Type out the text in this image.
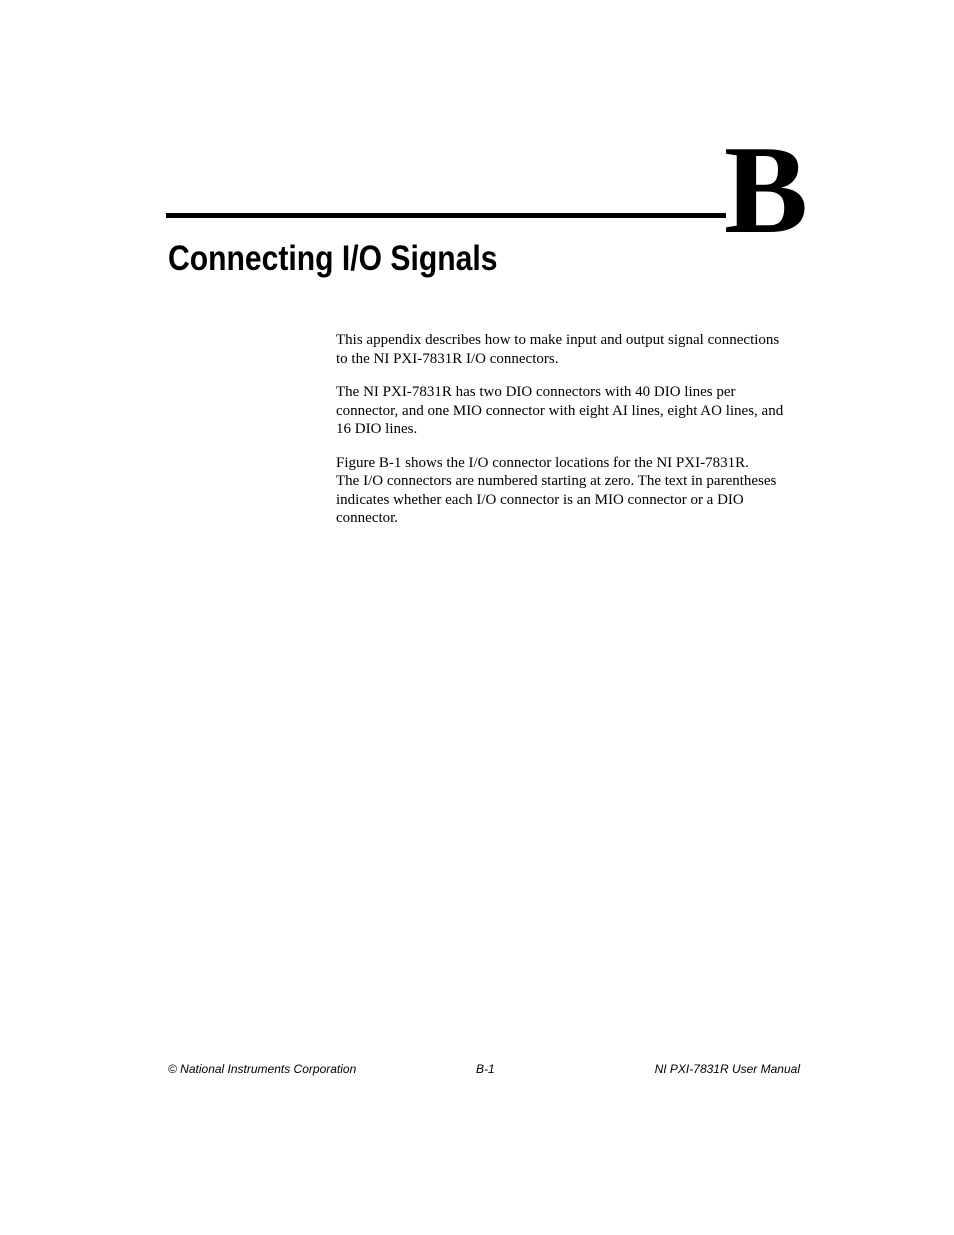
B
Connecting I/O Signals

This appendix describes how to make input and output signal connections
to the NI PXI-7831R I/O connectors.

The NI PXI-7831R has two DIO connectors with 40 DIO lines per
connector, and one MIO connector with eight AI lines, eight AO lines, and
16 DIO lines.

Figure B-1 shows the I/O connector locations for the NI PXI-7831R.
The I/O connectors are numbered starting at zero. The text in parentheses
indicates whether each I/O connector is an MIO connector or a DIO
connector.

© National Instruments Corporation	B-1	NI PXI-7831R User Manual
